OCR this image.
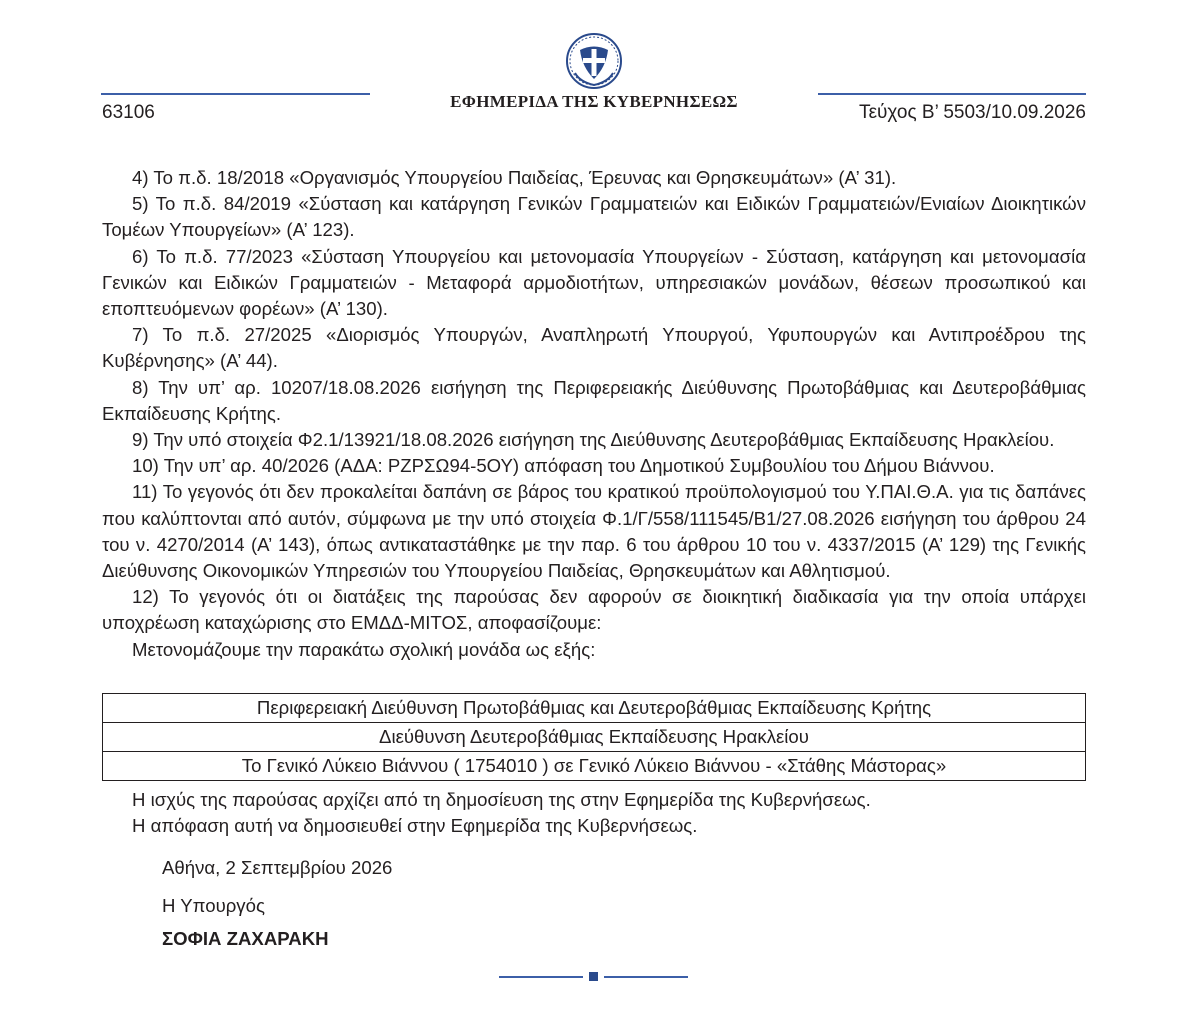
ΕΦΗΜΕΡΙΔΑ ΤΗΣ ΚΥΒΕΡΝΗΣΕΩΣ
63106	Τεύχος Β’ 5503/10.09.2026

4) Το π.δ. 18/2018 «Οργανισμός Υπουργείου Παιδείας, Έρευνας και Θρησκευμάτων» (Α’ 31).

5) Το π.δ. 84/2019 «Σύσταση και κατάργηση Γενικών Γραμματειών και Ειδικών Γραμματειών/Ενιαίων Διοικητικών Τομέων Υπουργείων» (Α’ 123).

6) Το π.δ. 77/2023 «Σύσταση Υπουργείου και μετονομασία Υπουργείων - Σύσταση, κατάργηση και μετονομασία Γενικών και Ειδικών Γραμματειών - Μεταφορά αρμοδιοτήτων, υπηρεσιακών μονάδων, θέσεων προσωπικού και εποπτευόμενων φορέων» (Α’ 130).

7) Το π.δ. 27/2025 «Διορισμός Υπουργών, Αναπληρωτή Υπουργού, Υφυπουργών και Αντιπροέδρου της Κυβέρνησης» (Α’ 44).

8) Την υπ’ αρ. 10207/18.08.2026 εισήγηση της Περιφερειακής Διεύθυνσης Πρωτοβάθμιας και Δευτεροβάθμιας Εκπαίδευσης Κρήτης.

9) Την υπό στοιχεία Φ2.1/13921/18.08.2026 εισήγηση της Διεύθυνσης Δευτεροβάθμιας Εκπαίδευσης Ηρακλείου.

10) Την υπ’ αρ. 40/2026 (ΑΔΑ: ΡΖΡΣΩ94-5ΟΥ) απόφαση του Δημοτικού Συμβουλίου του Δήμου Βιάννου.

11) Το γεγονός ότι δεν προκαλείται δαπάνη σε βάρος του κρατικού προϋπολογισμού του Υ.ΠΑΙ.Θ.Α. για τις δαπάνες που καλύπτονται από αυτόν, σύμφωνα με την υπό στοιχεία Φ.1/Γ/558/111545/Β1/27.08.2026 εισήγηση του άρθρου 24 του ν. 4270/2014 (Α’ 143), όπως αντικαταστάθηκε με την παρ. 6 του άρθρου 10 του ν. 4337/2015 (Α’ 129) της Γενικής Διεύθυνσης Οικονομικών Υπηρεσιών του Υπουργείου Παιδείας, Θρησκευμάτων και Αθλητισμού.

12) Το γεγονός ότι οι διατάξεις της παρούσας δεν αφορούν σε διοικητική διαδικασία για την οποία υπάρχει υποχρέωση καταχώρισης στο ΕΜΔΔ-ΜΙΤΟΣ, αποφασίζουμε:

Μετονομάζουμε την παρακάτω σχολική μονάδα ως εξής:

Περιφερειακή Διεύθυνση Πρωτοβάθμιας και Δευτεροβάθμιας Εκπαίδευσης Κρήτης
Διεύθυνση Δευτεροβάθμιας Εκπαίδευσης Ηρακλείου
Το Γενικό Λύκειο Βιάννου ( 1754010 ) σε Γενικό Λύκειο Βιάννου - «Στάθης Μάστορας»

Η ισχύς της παρούσας αρχίζει από τη δημοσίευση της στην Εφημερίδα της Κυβερνήσεως.

Η απόφαση αυτή να δημοσιευθεί στην Εφημερίδα της Κυβερνήσεως.

Αθήνα, 2 Σεπτεμβρίου 2026
Η Υπουργός
ΣΟΦΙΑ ΖΑΧΑΡΑΚΗ
